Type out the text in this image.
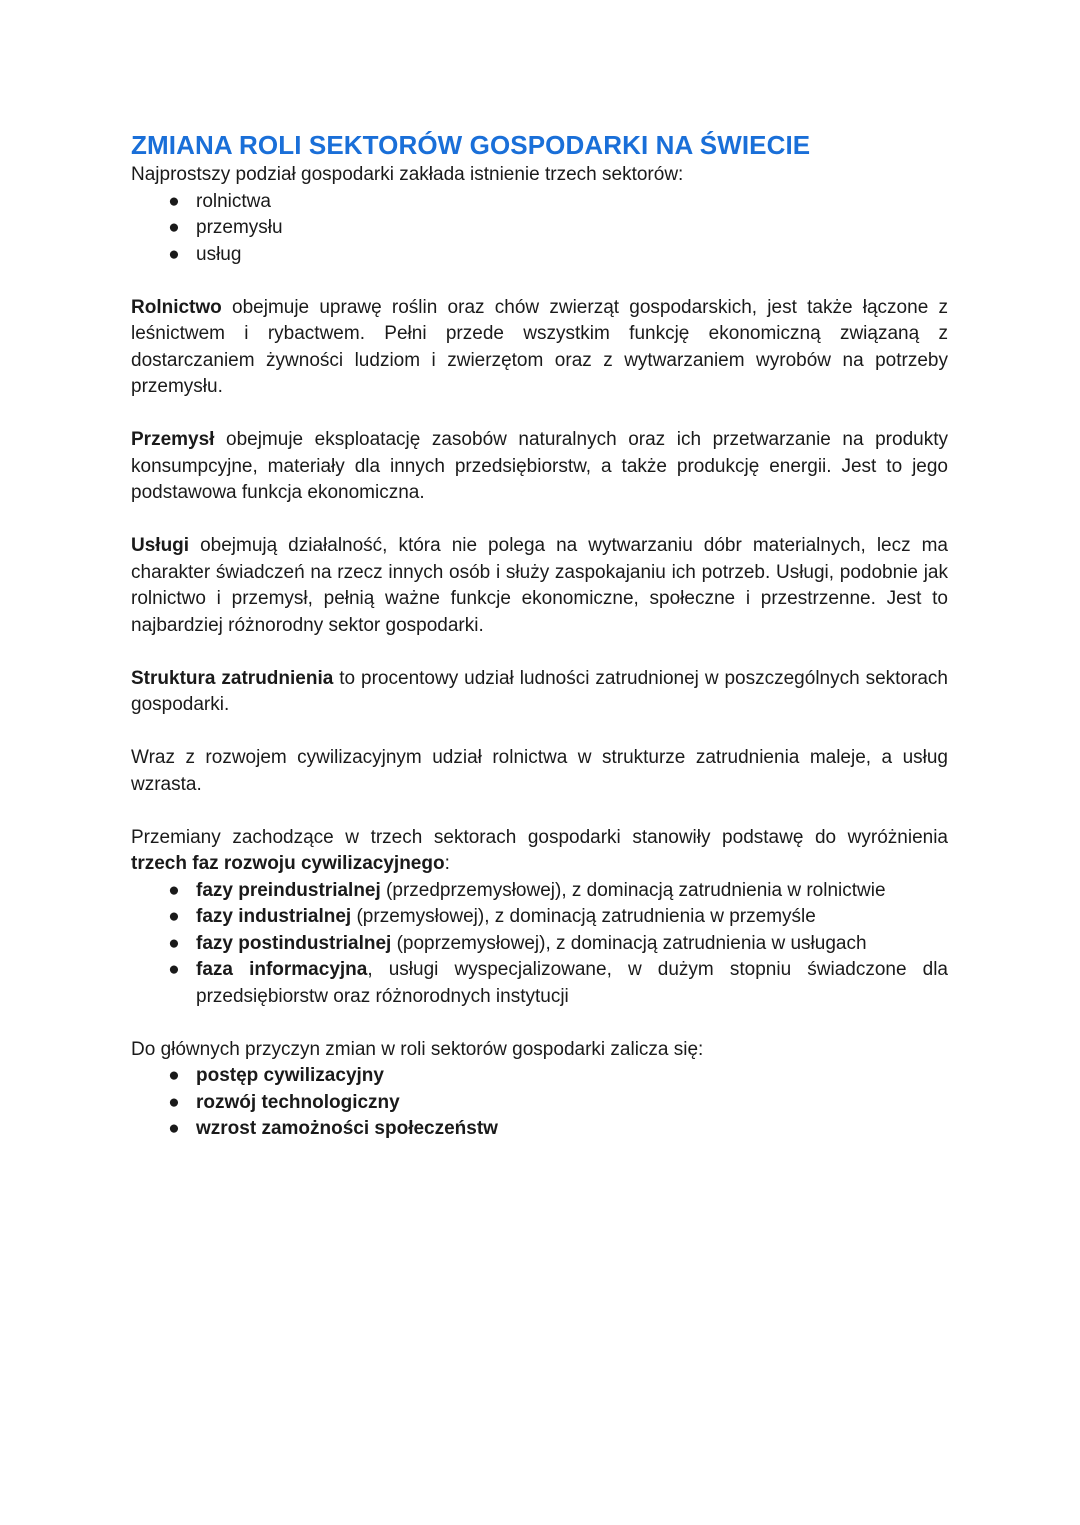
ZMIANA ROLI SEKTORÓW GOSPODARKI NA ŚWIECIE

Najprostszy podział gospodarki zakłada istnienie trzech sektorów:

● rolnictwa
● przemysłu
● usług

Rolnictwo obejmuje uprawę roślin oraz chów zwierząt gospodarskich, jest także łączone z leśnictwem i rybactwem. Pełni przede wszystkim funkcję ekonomiczną związaną z dostarczaniem żywności ludziom i zwierzętom oraz z wytwarzaniem wyrobów na potrzeby przemysłu.

Przemysł obejmuje eksploatację zasobów naturalnych oraz ich przetwarzanie na produkty konsumpcyjne, materiały dla innych przedsiębiorstw, a także produkcję energii. Jest to jego podstawowa funkcja ekonomiczna.

Usługi obejmują działalność, która nie polega na wytwarzaniu dóbr materialnych, lecz ma charakter świadczeń na rzecz innych osób i służy zaspokajaniu ich potrzeb. Usługi, podobnie jak rolnictwo i przemysł, pełnią ważne funkcje ekonomiczne, społeczne i przestrzenne. Jest to najbardziej różnorodny sektor gospodarki.

Struktura zatrudnienia to procentowy udział ludności zatrudnionej w poszczególnych sektorach gospodarki.

Wraz z rozwojem cywilizacyjnym udział rolnictwa w strukturze zatrudnienia maleje, a usług wzrasta.

Przemiany zachodzące w trzech sektorach gospodarki stanowiły podstawę do wyróżnienia trzech faz rozwoju cywilizacyjnego:

● fazy preindustrialnej (przedprzemysłowej), z dominacją zatrudnienia w rolnictwie
● fazy industrialnej (przemysłowej), z dominacją zatrudnienia w przemyśle
● fazy postindustrialnej (poprzemysłowej), z dominacją zatrudnienia w usługach
● faza informacyjna, usługi wyspecjalizowane, w dużym stopniu świadczone dla przedsiębiorstw oraz różnorodnych instytucji

Do głównych przyczyn zmian w roli sektorów gospodarki zalicza się:

● postęp cywilizacyjny
● rozwój technologiczny
● wzrost zamożności społeczeństw
